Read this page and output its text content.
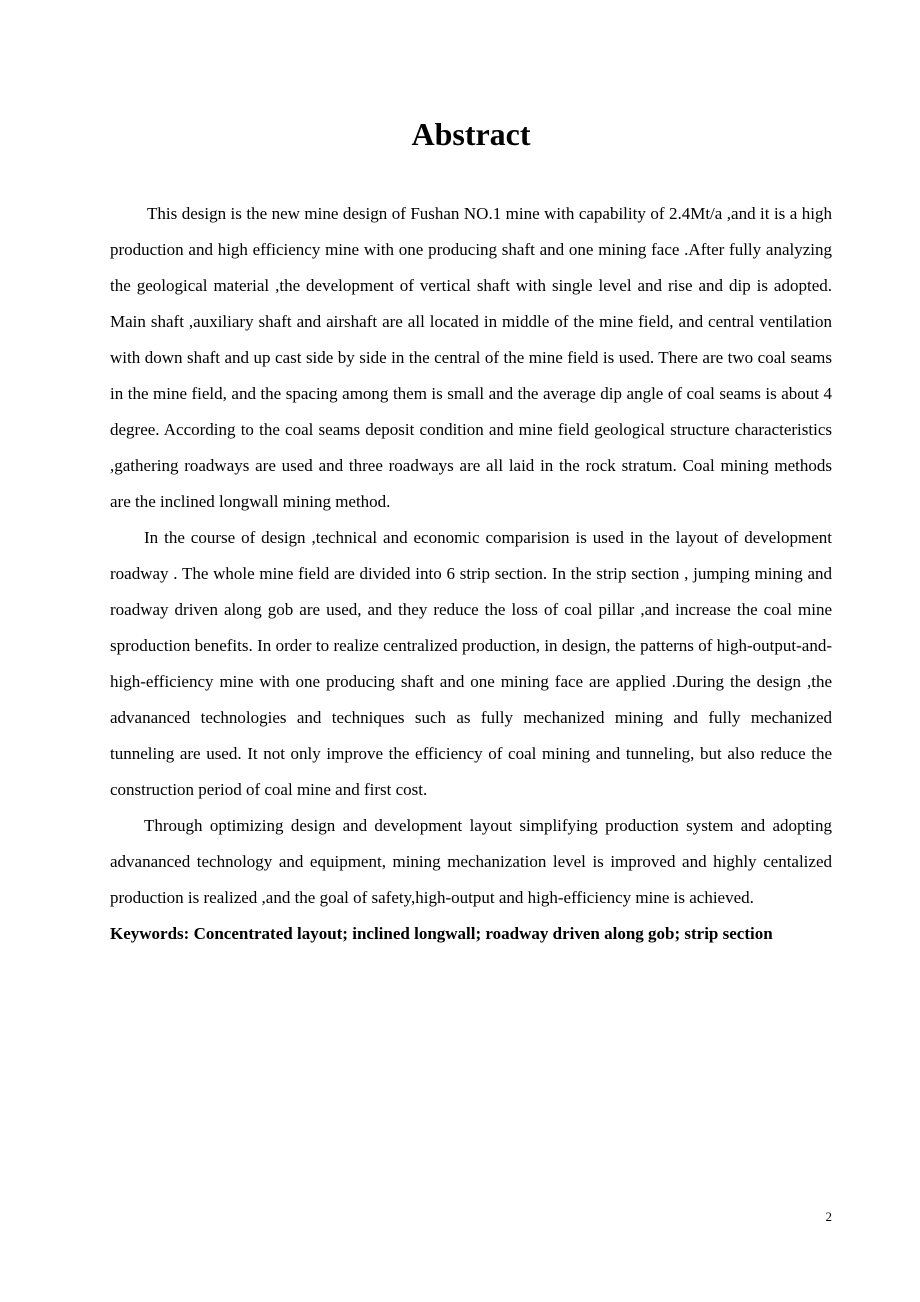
Abstract

This design is the new mine design of Fushan NO.1 mine with capability of 2.4Mt/a ,and it is a high production and high efficiency mine with one producing shaft and one mining face .After fully analyzing the geological material ,the development of vertical shaft with single level and rise and dip is adopted. Main shaft ,auxiliary shaft and airshaft are all located in middle of the mine field, and central ventilation with down shaft and up cast side by side in the central of the mine field is used. There are two coal seams in the mine field, and the spacing among them is small and the average dip angle of coal seams is about 4 degree. According to the coal seams deposit condition and mine field geological structure characteristics ,gathering roadways are used and three roadways are all laid in the rock stratum. Coal mining methods are the inclined longwall mining method.

In the course of design ,technical and economic comparision is used in the layout of development roadway . The whole mine field are divided into 6 strip section. In the strip section , jumping mining and roadway driven along gob are used, and they reduce the loss of coal pillar ,and increase the coal mine sproduction benefits. In order to realize centralized production, in design, the patterns of high-output-and-high-efficiency mine with one producing shaft and one mining face are applied .During the design ,the advananced technologies and techniques such as fully mechanized mining and fully mechanized tunneling are used. It not only improve the efficiency of coal mining and tunneling, but also reduce the construction period of coal mine and first cost.

Through optimizing design and development layout simplifying production system and adopting advananced technology and equipment, mining mechanization level is improved and highly centalized production is realized ,and the goal of safety,high-output and high-efficiency mine is achieved.

Keywords: Concentrated layout; inclined longwall; roadway driven along gob; strip section

2
